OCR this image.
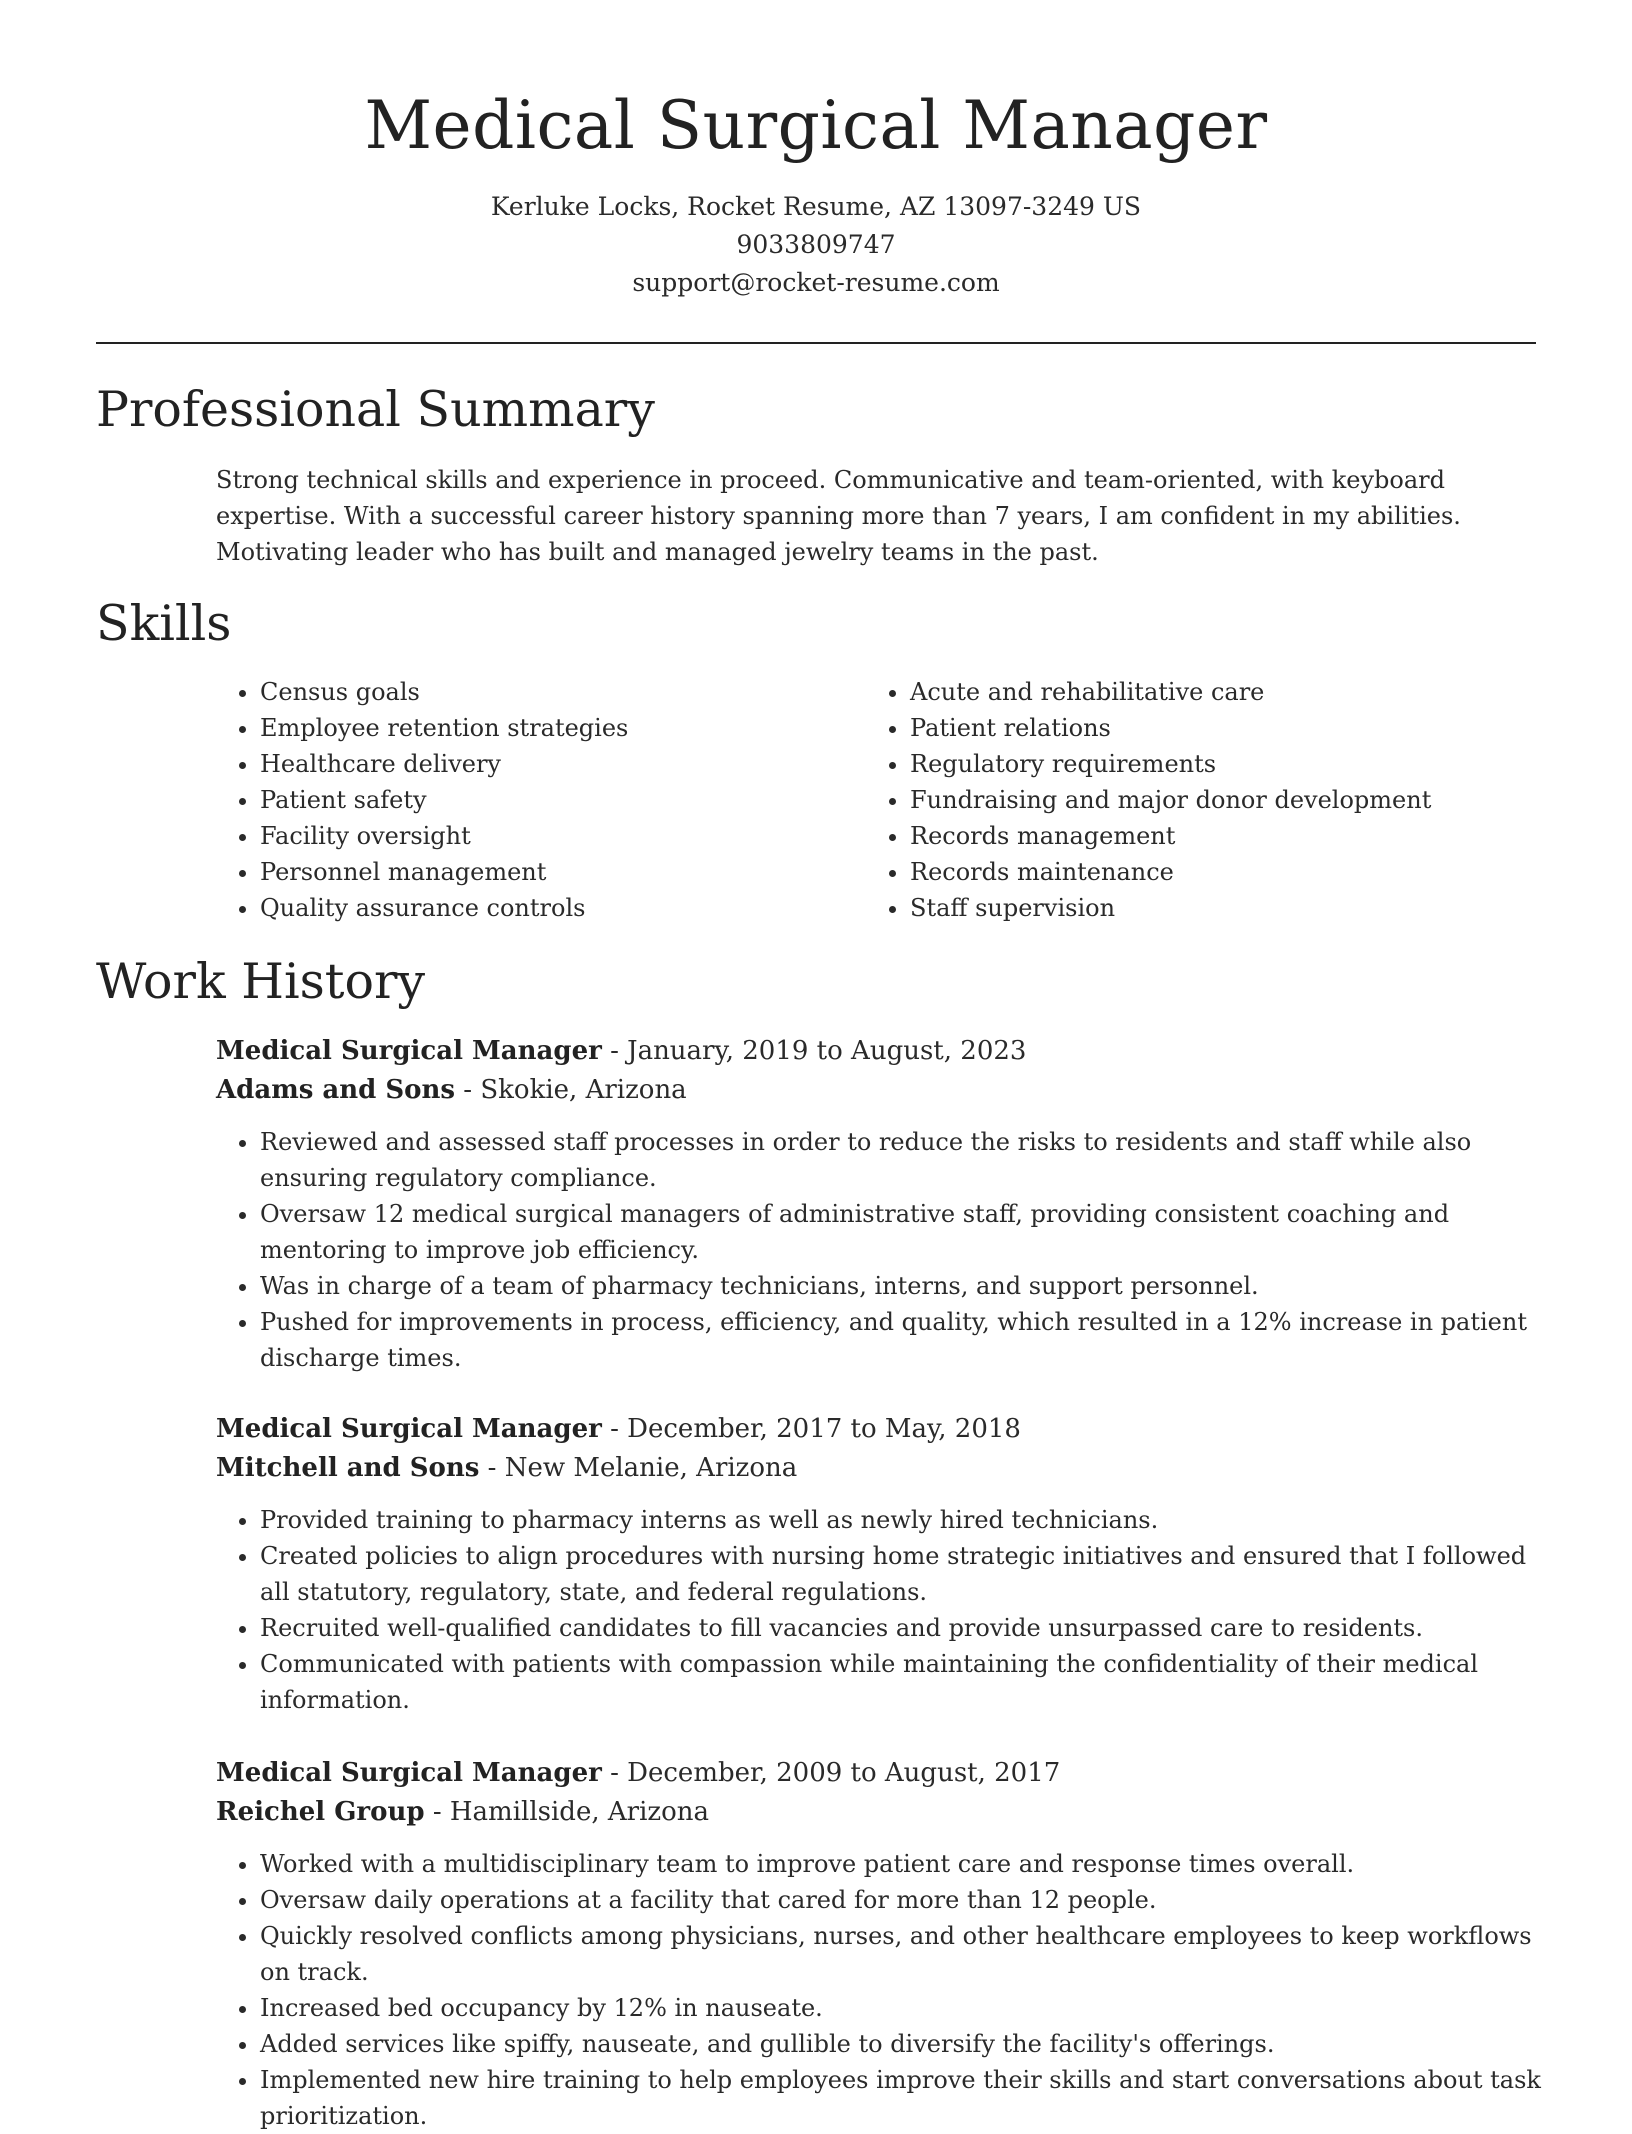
Medical Surgical Manager
Kerluke Locks, Rocket Resume, AZ 13097-3249 US
9033809747
support@rocket-resume.com
Professional Summary

Strong technical skills and experience in proceed. Communicative and team-oriented, with keyboard expertise. With a successful career history spanning more than 7 years, I am confident in my abilities. Motivating leader who has built and managed jewelry teams in the past.

Skills
• Census goals
• Employee retention strategies
• Healthcare delivery
• Patient safety
• Facility oversight
• Personnel management
• Quality assurance controls
• Acute and rehabilitative care
• Patient relations
• Regulatory requirements
• Fundraising and major donor development
• Records management
• Records maintenance
• Staff supervision
Work History
Medical Surgical Manager - January, 2019 to August, 2023
Adams and Sons - Skokie, Arizona
• Reviewed and assessed staff processes in order to reduce the risks to residents and staff while also ensuring regulatory compliance.
• Oversaw 12 medical surgical managers of administrative staff, providing consistent coaching and mentoring to improve job efficiency.
• Was in charge of a team of pharmacy technicians, interns, and support personnel.
• Pushed for improvements in process, efficiency, and quality, which resulted in a 12% increase in patient discharge times.
Medical Surgical Manager - December, 2017 to May, 2018
Mitchell and Sons - New Melanie, Arizona
• Provided training to pharmacy interns as well as newly hired technicians.
• Created policies to align procedures with nursing home strategic initiatives and ensured that I followed all statutory, regulatory, state, and federal regulations.
• Recruited well-qualified candidates to fill vacancies and provide unsurpassed care to residents.
• Communicated with patients with compassion while maintaining the confidentiality of their medical information.
Medical Surgical Manager - December, 2009 to August, 2017
Reichel Group - Hamillside, Arizona
• Worked with a multidisciplinary team to improve patient care and response times overall.
• Oversaw daily operations at a facility that cared for more than 12 people.
• Quickly resolved conflicts among physicians, nurses, and other healthcare employees to keep workflows on track.
• Increased bed occupancy by 12% in nauseate.
• Added services like spiffy, nauseate, and gullible to diversify the facility's offerings.
• Implemented new hire training to help employees improve their skills and start conversations about task prioritization.
